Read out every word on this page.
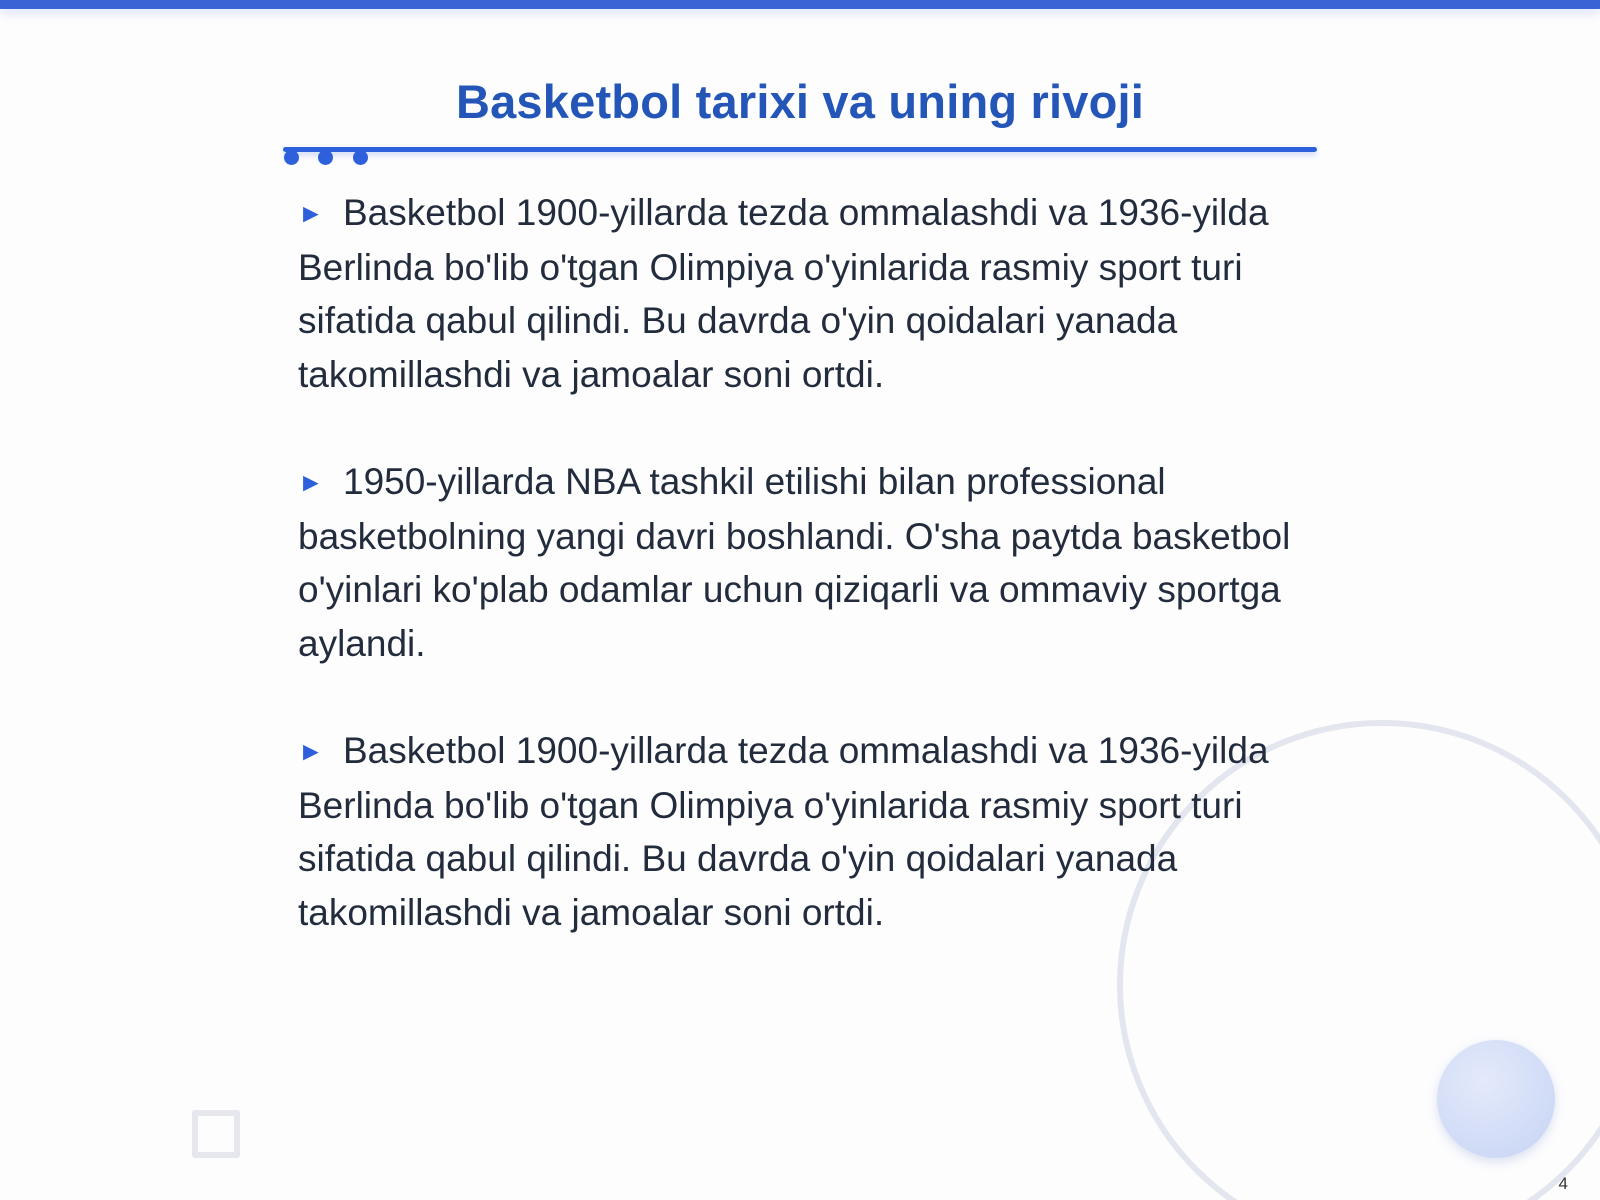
Basketbol tarixi va uning rivoji
► Basketbol 1900-yillarda tezda ommalashdi va 1936-yilda Berlinda bo'lib o'tgan Olimpiya o'yinlarida rasmiy sport turi sifatida qabul qilindi. Bu davrda o'yin qoidalari yanada takomillashdi va jamoalar soni ortdi.
► 1950-yillarda NBA tashkil etilishi bilan professional basketbolning yangi davri boshlandi. O'sha paytda basketbol o'yinlari ko'plab odamlar uchun qiziqarli va ommaviy sportga aylandi.
► Basketbol 1900-yillarda tezda ommalashdi va 1936-yilda Berlinda bo'lib o'tgan Olimpiya o'yinlarida rasmiy sport turi sifatida qabul qilindi. Bu davrda o'yin qoidalari yanada takomillashdi va jamoalar soni ortdi.
4
